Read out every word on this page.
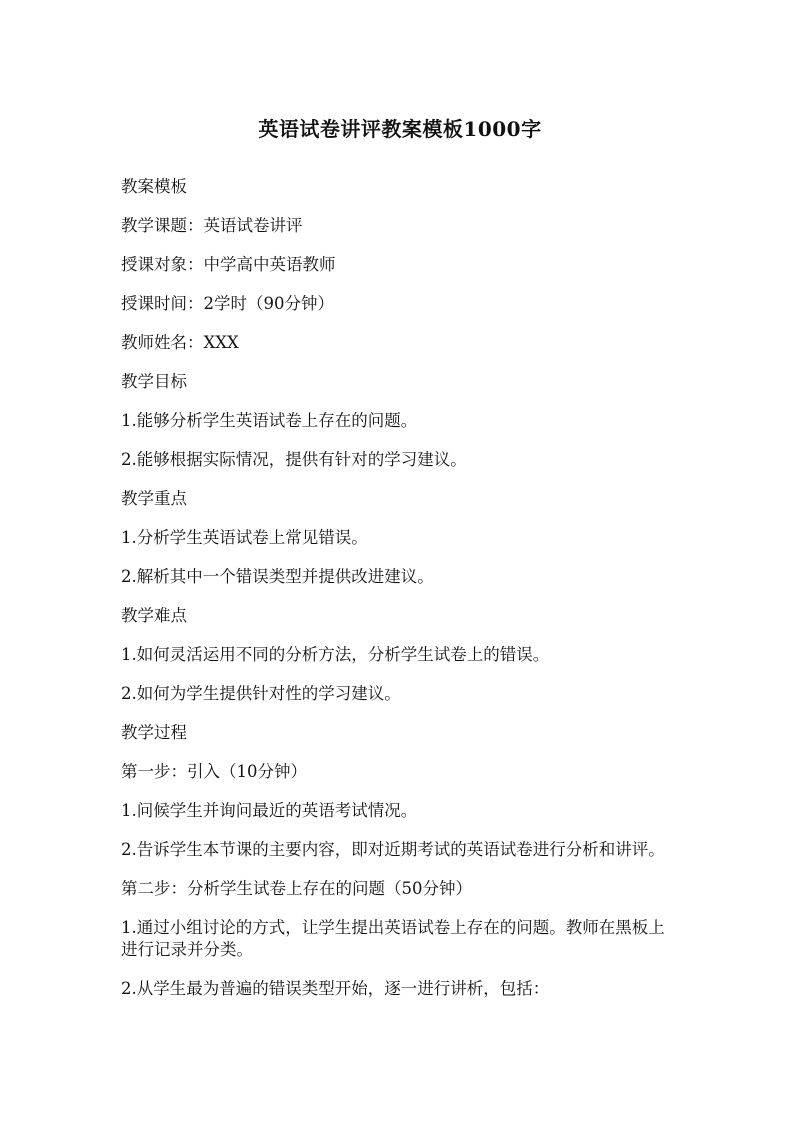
英语试卷讲评教案模板1000字
教案模板
教学课题：英语试卷讲评
授课对象：中学高中英语教师
授课时间：2学时（90分钟）
教师姓名：XXX
教学目标
1.能够分析学生英语试卷上存在的问题。
2.能够根据实际情况，提供有针对的学习建议。
教学重点
1.分析学生英语试卷上常见错误。
2.解析其中一个错误类型并提供改进建议。
教学难点
1.如何灵活运用不同的分析方法，分析学生试卷上的错误。
2.如何为学生提供针对性的学习建议。
教学过程
第一步：引入（10分钟）
1.问候学生并询问最近的英语考试情况。
2.告诉学生本节课的主要内容，即对近期考试的英语试卷进行分析和讲评。
第二步：分析学生试卷上存在的问题（50分钟）
1.通过小组讨论的方式，让学生提出英语试卷上存在的问题。教师在黑板上进行记录并分类。
2.从学生最为普遍的错误类型开始，逐一进行讲析，包括：
